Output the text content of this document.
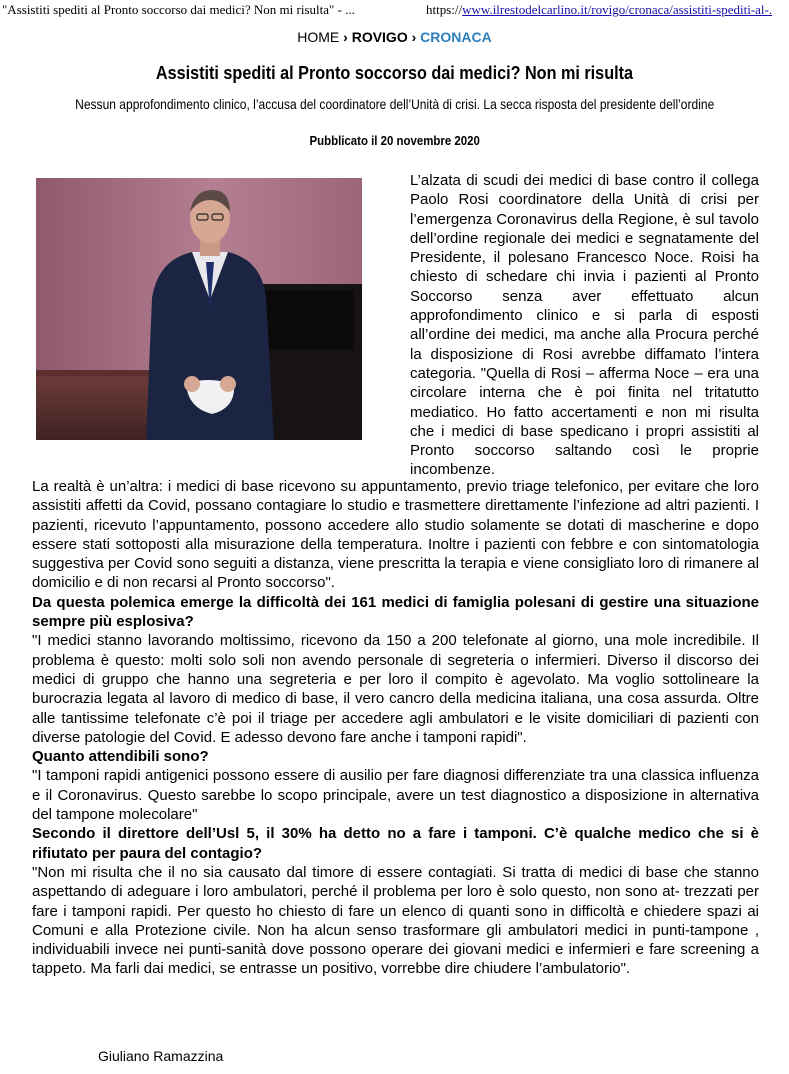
"Assistiti spediti al Pronto soccorso dai medici? Non mi risulta" - ...	https://www.ilrestodelcarlino.it/rovigo/cronaca/assistiti-spediti-al-.
HOME › ROVIGO › CRONACA
Assistiti spediti al Pronto soccorso dai medici? Non mi risulta
Nessun approfondimento clinico, l’accusa del coordinatore dell’Unità di crisi. La secca risposta del presidente dell’ordine
Pubblicato il 20 novembre 2020
L’alzata di scudi dei medici di base contro il collega Paolo Rosi coordinatore della Unità di crisi per l’emergenza Coronavirus della Regione, è sul tavolo dell’ordine regionale dei medici e segnatamente del Presidente, il polesano Francesco Noce. Roisi ha chiesto di schedare chi invia i pazienti al Pronto Soccorso senza aver effettuato alcun approfondimento clinico e si parla di esposti all’ordine dei medici, ma anche alla Procura perché la disposizione di Rosi avrebbe diffamato l’intera categoria. "Quella di Rosi – afferma Noce – era una circolare interna che è poi finita nel tritatutto mediatico. Ho fatto accertamenti e non mi risulta che i medici di base spedicano i propri assistiti al Pronto soccorso saltando così le proprie incombenze.

La realtà è un’altra: i medici di base ricevono su appuntamento, previo triage telefonico, per evitare che loro assistiti affetti da Covid, possano contagiare lo studio e trasmettere direttamente l’infezione ad altri pazienti. I pazienti, ricevuto l’appuntamento, possono accedere allo studio solamente se dotati di mascherine e dopo essere stati sottoposti alla misurazione della temperatura. Inoltre i pazienti con febbre e con sintomatologia suggestiva per Covid sono seguiti a distanza, viene prescritta la terapia e viene consigliato loro di rimanere al domicilio e di non recarsi al Pronto soccorso".

Da questa polemica emerge la difficoltà dei 161 medici di famiglia polesani di gestire una situazione sempre più esplosiva?

"I medici stanno lavorando moltissimo, ricevono da 150 a 200 telefonate al giorno, una mole incredibile. Il problema è questo: molti solo soli non avendo personale di segreteria o infermieri. Diverso il discorso dei medici di gruppo che hanno una segreteria e per loro il compito è agevolato. Ma voglio sottolineare la burocrazia legata al lavoro di medico di base, il vero cancro della medicina italiana, una cosa assurda. Oltre alle tantissime telefonate c’è poi il triage per accedere agli ambulatori e le visite domiciliari di pazienti con diverse patologie del Covid. E adesso devono fare anche i tamponi rapidi".

Quanto attendibili sono?

"I tamponi rapidi antigenici possono essere di ausilio per fare diagnosi differenziate tra una classica influenza e il Coronavirus. Questo sarebbe lo scopo principale, avere un test diagnostico a disposizione in alternativa del tampone molecolare"

Secondo il direttore dell’Usl 5, il 30% ha detto no a fare i tamponi. C’è qualche medico che si è rifiutato per paura del contagio?

"Non mi risulta che il no sia causato dal timore di essere contagiati. Si tratta di medici di base che stanno aspettando di adeguare i loro ambulatori, perché il problema per loro è solo questo, non sono at- trezzati per fare i tamponi rapidi. Per questo ho chiesto di fare un elenco di quanti sono in difficoltà e chiedere spazi ai Comuni e alla Protezione civile. Non ha alcun senso trasformare gli ambulatori medici in punti-tampone , individuabili invece nei punti-sanità dove possono operare dei giovani medici e infermieri e fare screening a tappeto. Ma farli dai medici, se entrasse un positivo, vorrebbe dire chiudere l’ambulatorio".

Giuliano Ramazzina
